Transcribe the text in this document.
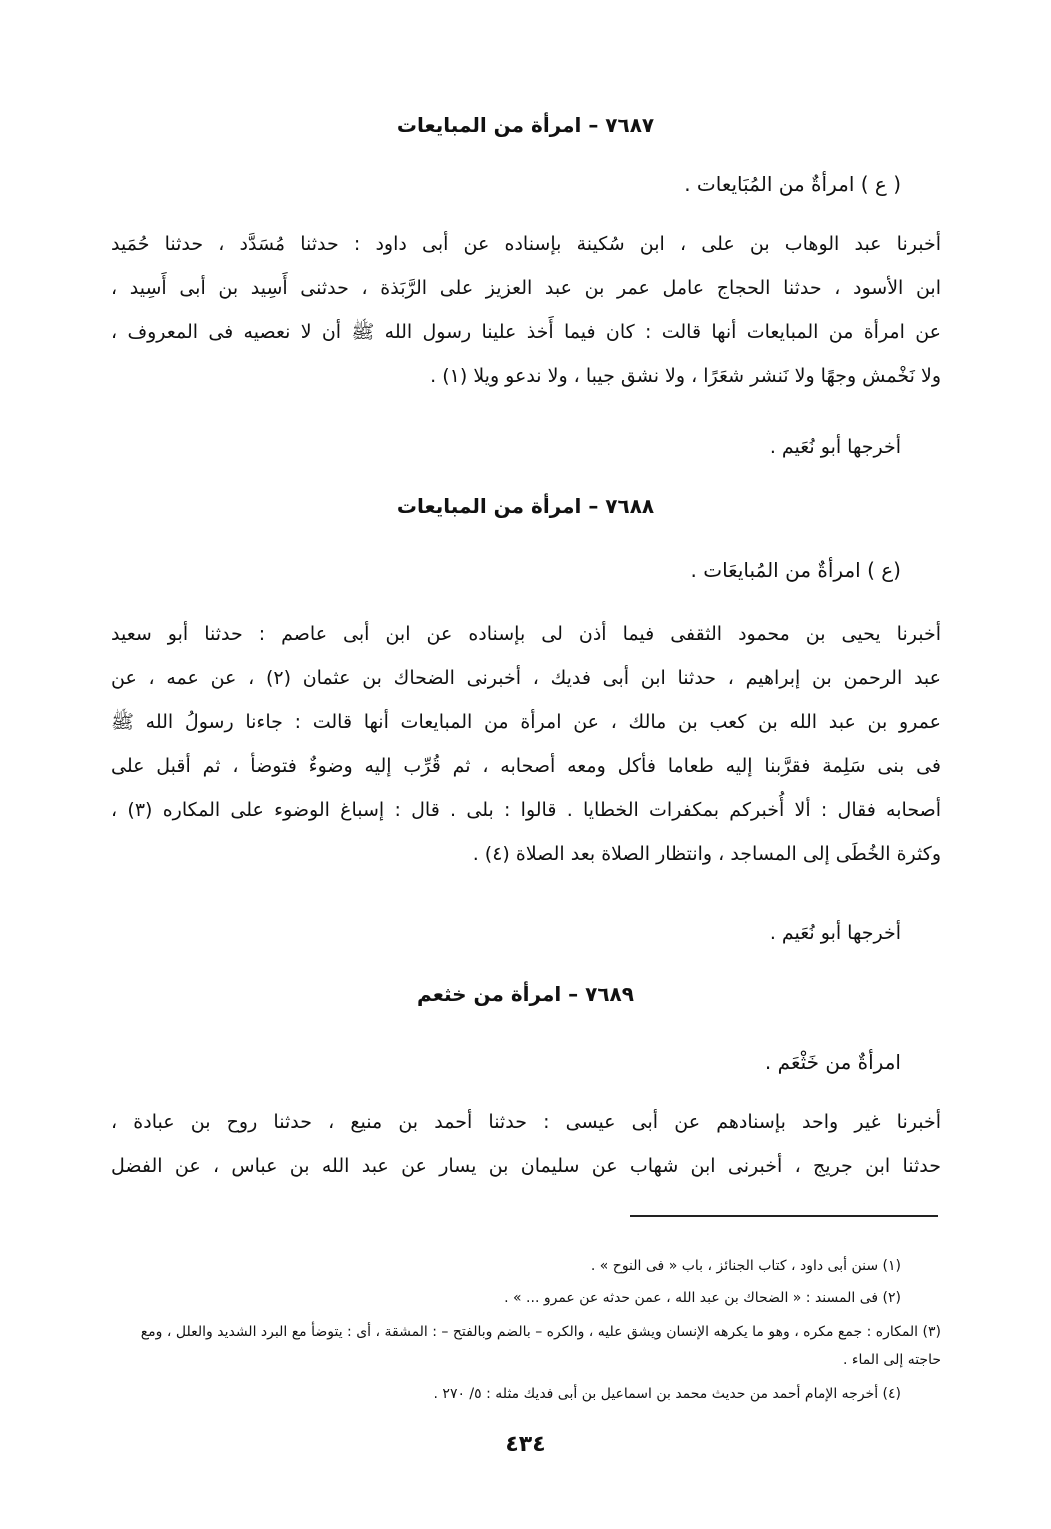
٧٦٨٧ – امرأة من المبايعات
( ع ) امرأةٌ من المُبَايعات .
أخبرنا عبد الوهاب بن على ، ابن سُكينة بإسناده عن أبى داود : حدثنا مُسَدَّد ، حدثنا حُمَيد
ابن الأسود ، حدثنا الحجاج عامل عمر بن عبد العزيز على الرَّبَذة ، حدثنى أَسِيد بن أبى أَسِيد ،
عن امرأة من المبايعات أنها قالت : كان فيما أَخذ علينا رسول الله ﷺ أن لا نعصيه فى المعروف ،
ولا نَخْمش وجهًا ولا نَنشر شعَرًا ، ولا نشق جيبا ، ولا ندعو ويلا (١) .
أخرجها أبو نُعَيم .
٧٦٨٨ – امرأة من المبايعات
(ع ) امرأةٌ من المُبايعَات .
أخبرنا يحيى بن محمود الثقفى فيما أذن لى بإسناده عن ابن أبى عاصم : حدثنا أبو سعيد
عبد الرحمن بن إبراهيم ، حدثنا ابن أبى فديك ، أخبرنى الضحاك بن عثمان (٢) ، عن عمه ، عن
عمرو بن عبد الله بن كعب بن مالك ، عن امرأة من المبايعات أنها قالت : جاءنا رسولُ الله ﷺ
فى بنى سَلِمة فقرَّبنا إليه طعاما فأكل ومعه أصحابه ، ثم قُرِّب إليه وضوءٌ فتوضأ ، ثم أقبل على
أصحابه فقال : ألا أُخبركم بمكفرات الخطايا . قالوا : بلى . قال : إسباغ الوضوء على المكاره (٣) ،
وكثرة الخُطَى إلى المساجد ، وانتظار الصلاة بعد الصلاة (٤) .
أخرجها أبو نُعَيم .
٧٦٨٩ – امرأة من خثعم
امرأةٌ من خَثْعَم .
أخبرنا غير واحد بإسنادهم عن أبى عيسى : حدثنا أحمد بن منيع ، حدثنا روح بن عبادة ،
حدثنا ابن جريج ، أخبرنى ابن شهاب عن سليمان بن يسار عن عبد الله بن عباس ، عن الفضل
(١) سنن أبى داود ، كتاب الجنائز ، باب « فى النوح » .
(٢) فى المسند : « الضحاك بن عبد الله ، عمن حدثه عن عمرو ... » .
(٣) المكاره : جمع مكره ، وهو ما يكرهه الإنسان ويشق عليه ، والكره – بالضم وبالفتح – : المشقة ، أى : يتوضأ مع البرد الشديد والعلل ، ومع حاجته إلى الماء .
(٤) أخرجه الإمام أحمد من حديث محمد بن اسماعيل بن أبى فديك مثله : ٥/ ٢٧٠ .
٤٣٤
